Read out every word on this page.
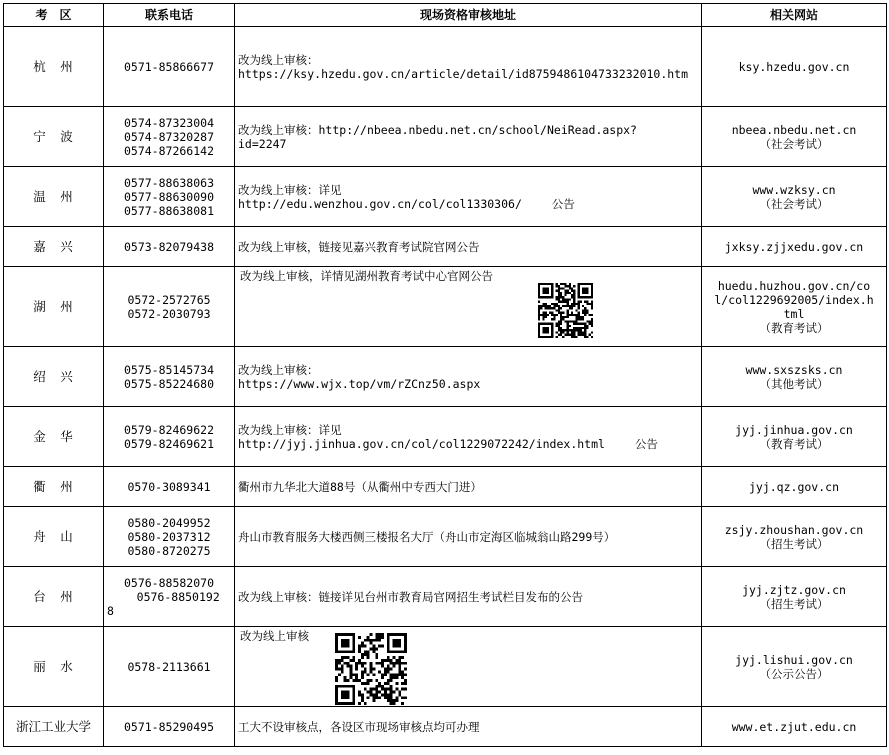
考　区	联系电话	现场资格审核地址	相关网站
杭　州	0571-85866677	改为线上审核：
https://ksy.hzedu.gov.cn/article/detail/id8759486104733232010.htm	ksy.hzedu.gov.cn

宁　波	0574-87323004
0574-87320287
0574-87266142	改为线上审核：http://nbeea.nbedu.net.cn/school/NeiRead.aspx?
id=2247	nbeea.nbedu.net.cn
（社会考试）

温　州	0577-88638063
0577-88630090
0577-88638081	改为线上审核：详见
http://edu.wenzhou.gov.cn/col/col1330306/　　 公告	www.wzksy.cn
（社会考试）

嘉　兴	0573-82079438	改为线上审核，链接见嘉兴教育考试院官网公告	jxksy.zjjxedu.gov.cn

湖　州	0572-2572765
0572-2030793	改为线上审核，详情见湖州教育考试中心官网公告	huedu.huzhou.gov.cn/co
l/col1229692005/index.h
tml
（教育考试）

绍　兴	0575-85145734
0575-85224680	改为线上审核：
https://www.wjx.top/vm/rZCnz50.aspx	www.sxszsks.cn
（其他考试）

金　华	0579-82469622
0579-82469621	改为线上审核：详见
http://jyj.jinhua.gov.cn/col/col1229072242/index.html　　 公告	jyj.jinhua.gov.cn
（教育考试）

衢　州	0570-3089341	衢州市九华北大道88号（从衢州中专西大门进）	jyj.qz.gov.cn

舟　山	0580-2049952
0580-2037312
0580-8720275	舟山市教育服务大楼西侧三楼报名大厅（舟山市定海区临城翁山路299号）	zsjy.zhoushan.gov.cn
（招生考试）

台　州	0576-88582070
　 0576-8850192
8	改为线上审核：链接详见台州市教育局官网招生考试栏目发布的公告	jyj.zjtz.gov.cn
（招生考试）

丽　水	0578-2113661	改为线上审核	jyj.lishui.gov.cn
（公示公告）

浙江工业大学	0571-85290495	工大不设审核点，各设区市现场审核点均可办理	www.et.zjut.edu.cn
